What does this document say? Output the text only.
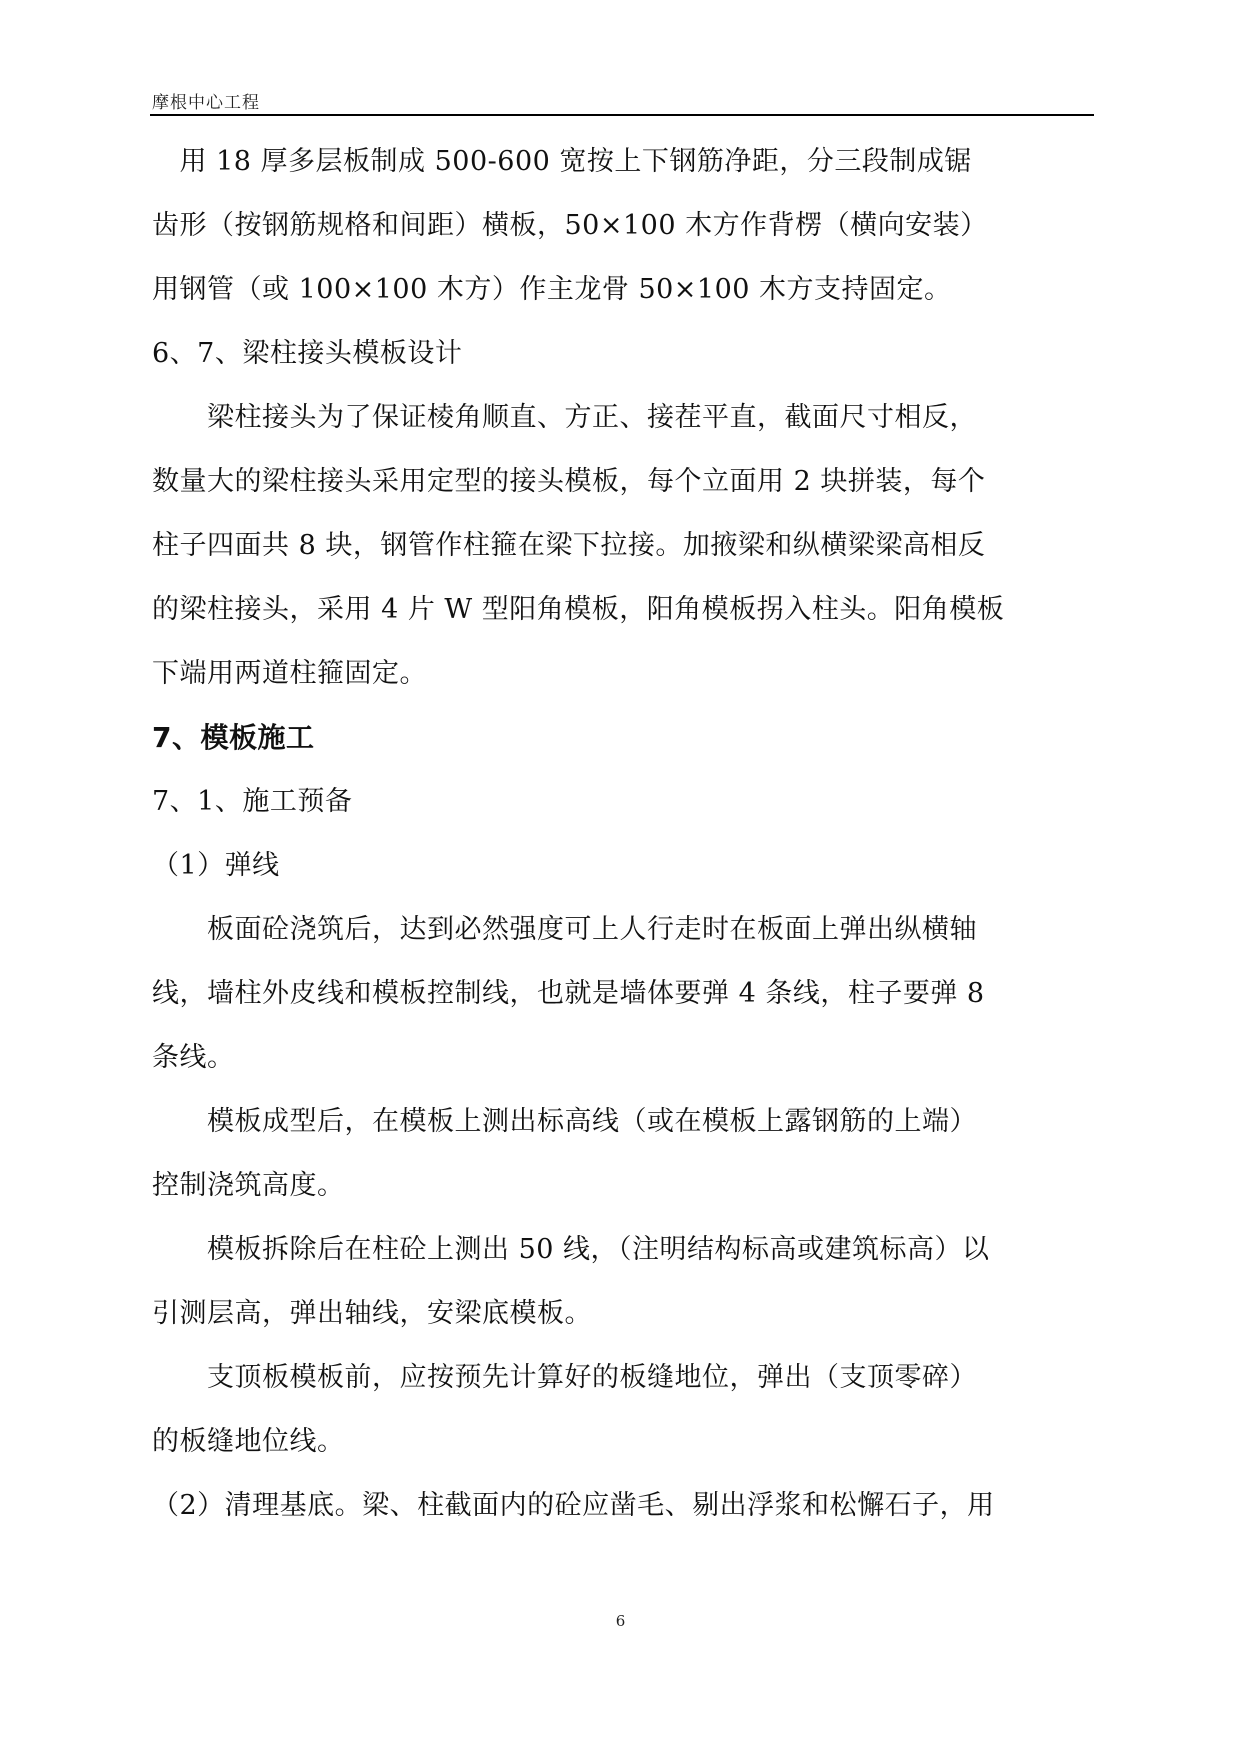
摩根中心工程
　用 18 厚多层板制成 500-600 宽按上下钢筋净距，分三段制成锯
齿形（按钢筋规格和间距）横板，50×100 木方作背楞（横向安装）
用钢管（或 100×100 木方）作主龙骨 50×100 木方支持固定。
6、7、梁柱接头模板设计
　　梁柱接头为了保证棱角顺直、方正、接茬平直，截面尺寸相反，
数量大的梁柱接头采用定型的接头模板，每个立面用 2 块拼装，每个
柱子四面共 8 块，钢管作柱箍在梁下拉接。加掖梁和纵横梁梁高相反
的梁柱接头，采用 4 片 W 型阳角模板，阳角模板拐入柱头。阳角模板
下端用两道柱箍固定。
7、模板施工
7、1、施工预备
（1）弹线
　　板面砼浇筑后，达到必然强度可上人行走时在板面上弹出纵横轴
线，墙柱外皮线和模板控制线，也就是墙体要弹 4 条线，柱子要弹 8
条线。
　　模板成型后，在模板上测出标高线（或在模板上露钢筋的上端）
控制浇筑高度。
　　模板拆除后在柱砼上测出 50 线，（注明结构标高或建筑标高）以
引测层高，弹出轴线，安梁底模板。
　　支顶板模板前，应按预先计算好的板缝地位，弹出（支顶零碎）
的板缝地位线。
（2）清理基底。梁、柱截面内的砼应凿毛、剔出浮浆和松懈石子，用
6
